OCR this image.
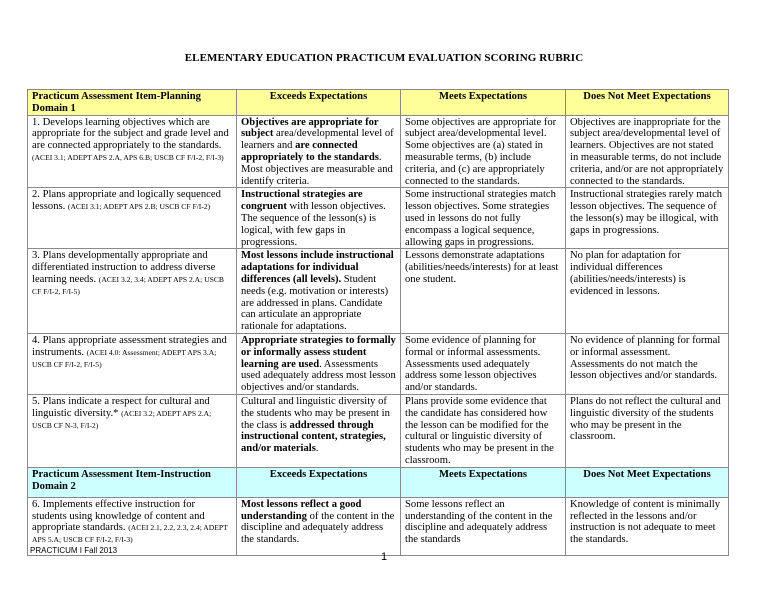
ELEMENTARY EDUCATION PRACTICUM EVALUATION SCORING RUBRIC
Practicum Assessment Item-Planning Domain 1	Exceeds Expectations	Meets Expectations	Does Not Meet Expectations
1. Develops learning objectives which are appropriate for the subject and grade level and are connected appropriately to the standards. (ACEI 3.1; ADEPT APS 2.A, APS 6.B; USCB CF F/I-2, F/I-3)	Objectives are appropriate for subject area/developmental level of learners and are connected appropriately to the standards. Most objectives are measurable and identify criteria.	Some objectives are appropriate for subject area/developmental level. Some objectives are (a) stated in measurable terms, (b) include criteria, and (c) are appropriately connected to the standards.	Objectives are inappropriate for the subject area/developmental level of learners. Objectives are not stated in measurable terms, do not include criteria, and/or are not appropriately connected to the standards.
2. Plans appropriate and logically sequenced lessons. (ACEI 3.1; ADEPT APS 2.B; USCB CF F/I-2)	Instructional strategies are congruent with lesson objectives. The sequence of the lesson(s) is logical, with few gaps in progressions.	Some instructional strategies match lesson objectives. Some strategies used in lessons do not fully encompass a logical sequence, allowing gaps in progressions.	Instructional strategies rarely match lesson objectives. The sequence of the lesson(s) may be illogical, with gaps in progressions.
3. Plans developmentally appropriate and differentiated instruction to address diverse learning needs. (ACEI 3.2, 3.4; ADEPT APS 2.A; USCB CF F/I-2, F/I-5)	Most lessons include instructional adaptations for individual differences (all levels). Student needs (e.g. motivation or interests) are addressed in plans. Candidate can articulate an appropriate rationale for adaptations.	Lessons demonstrate adaptations (abilities/needs/interests) for at least one student.	No plan for adaptation for individual differences (abilities/needs/interests) is evidenced in lessons.
4. Plans appropriate assessment strategies and instruments. (ACEI 4.0: Assessment; ADEPT APS 3.A; USCB CF F/I-2, F/I-5)	Appropriate strategies to formally or informally assess student learning are used. Assessments used adequately address most lesson objectives and/or standards.	Some evidence of planning for formal or informal assessments. Assessments used adequately address some lesson objectives and/or standards.	No evidence of planning for formal or informal assessment. Assessments do not match the lesson objectives and/or standards.
5. Plans indicate a respect for cultural and linguistic diversity.* (ACEI 3.2; ADEPT APS 2.A; USCB CF N-3, F/I-2)	Cultural and linguistic diversity of the students who may be present in the class is addressed through instructional content, strategies, and/or materials.	Plans provide some evidence that the candidate has considered how the lesson can be modified for the cultural or linguistic diversity of students who may be present in the classroom.	Plans do not reflect the cultural and linguistic diversity of the students who may be present in the classroom.
Practicum Assessment Item-Instruction Domain 2	Exceeds Expectations	Meets Expectations	Does Not Meet Expectations
6. Implements effective instruction for students using knowledge of content and appropriate standards. (ACEI 2.1, 2.2, 2.3, 2.4; ADEPT APS 5.A; USCB CF F/I-2, F/I-3)	Most lessons reflect a good understanding of the content in the discipline and adequately address the standards.	Some lessons reflect an understanding of the content in the discipline and adequately address the standards	Knowledge of content is minimally reflected in the lessons and/or instruction is not adequate to meet the standards.
PRACTICUM I Fall 2013
1
